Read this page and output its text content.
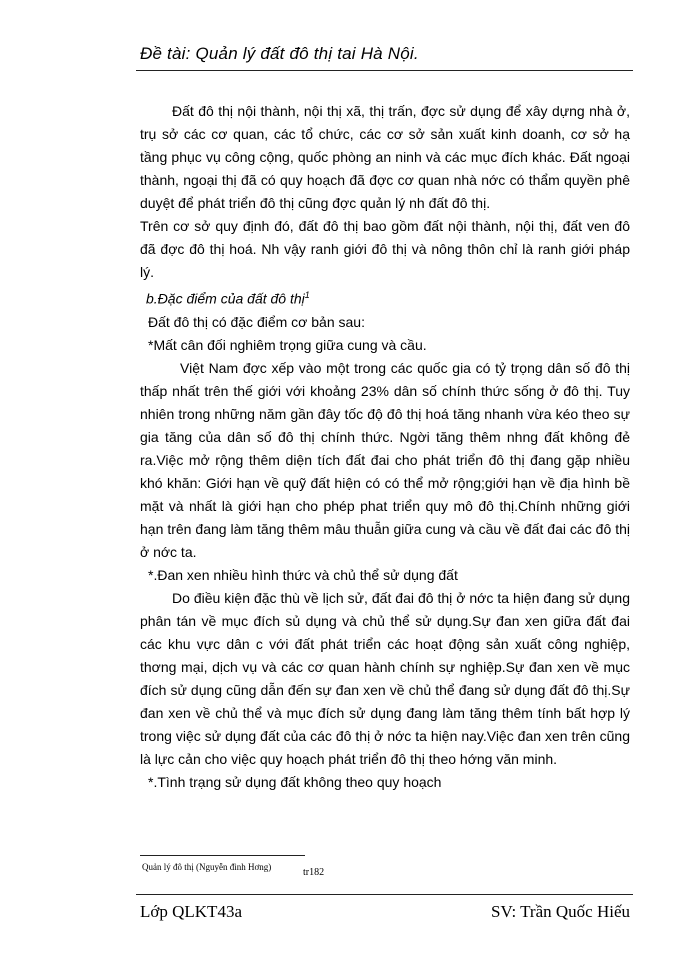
Đề tài: Quản lý đất đô thị tai Hà Nội.

Đất đô thị nội thành, nội thị xã, thị trấn, đợc sử dụng để xây dựng nhà ở, trụ sở các cơ quan, các tổ chức, các cơ sở sản xuất kinh doanh, cơ sở hạ tầng phục vụ công cộng, quốc phòng an ninh và các mục đích khác. Đất ngoại thành, ngoại thị đã có quy hoạch đã đợc cơ quan nhà nớc có thẩm quyền phê duyệt để phát triển đô thị cũng đợc quản lý nh đất đô thị.

Trên cơ sở quy định đó, đất đô thị bao gồm đất nội thành, nội thị, đất ven đô đã đợc đô thị hoá. Nh vậy ranh giới đô thị và nông thôn chỉ là ranh giới pháp lý.

b.Đặc điểm của đất đô thị$^1$

Đất đô thị có đặc điểm cơ bản sau:

*Mất cân đối nghiêm trọng giữa cung và cầu.

Việt Nam đợc xếp vào một trong các quốc gia có tỷ trọng dân số đô thị thấp nhất trên thế giới với khoảng 23% dân số chính thức sống ở đô thị. Tuy nhiên trong những năm gần đây tốc độ đô thị hoá tăng nhanh vừa kéo theo sự gia tăng của dân số đô thị chính thức. Ngời tăng thêm nhng đất không đẻ ra.Việc mở rộng thêm diện tích đất đai cho phát triển đô thị đang gặp nhiều khó khăn: Giới hạn về quỹ đất hiện có có thể mở rộng;giới hạn về địa hình bề mặt và nhất là giới hạn cho phép phat triển quy mô đô thị.Chính những giới hạn trên đang làm tăng thêm mâu thuẫn giữa cung và cầu về đất đai các đô thị ở nớc ta.

*.Đan xen nhiều hình thức và chủ thể sử dụng đất

Do điều kiện đặc thù về lịch sử, đất đai đô thị ở nớc ta hiện đang sử dụng phân tán về mục đích sủ dụng và chủ thể sử dụng.Sự đan xen giữa đất đai các khu vực dân c với đất phát triển các hoạt động sản xuất công nghiệp, thơng mại, dịch vụ và các cơ quan hành chính sự nghiệp.Sự đan xen về mục đích sử dụng cũng dẫn đến sự đan xen về chủ thể đang sử dụng đất đô thị.Sự đan xen về chủ thể và mục đích sử dụng đang làm tăng thêm tính bất hợp lý trong việc sử dụng đất của các đô thị ở nớc ta hiện nay.Việc đan xen trên cũng là lực cản cho việc quy hoạch phát triển đô thị theo hớng văn minh.

*.Tình trạng sử dụng đất không theo quy hoạch

Quản lý đô thị (Nguyễn đình Hơng)	tr182
Lớp QLKT43a	SV: Trần Quốc Hiếu
